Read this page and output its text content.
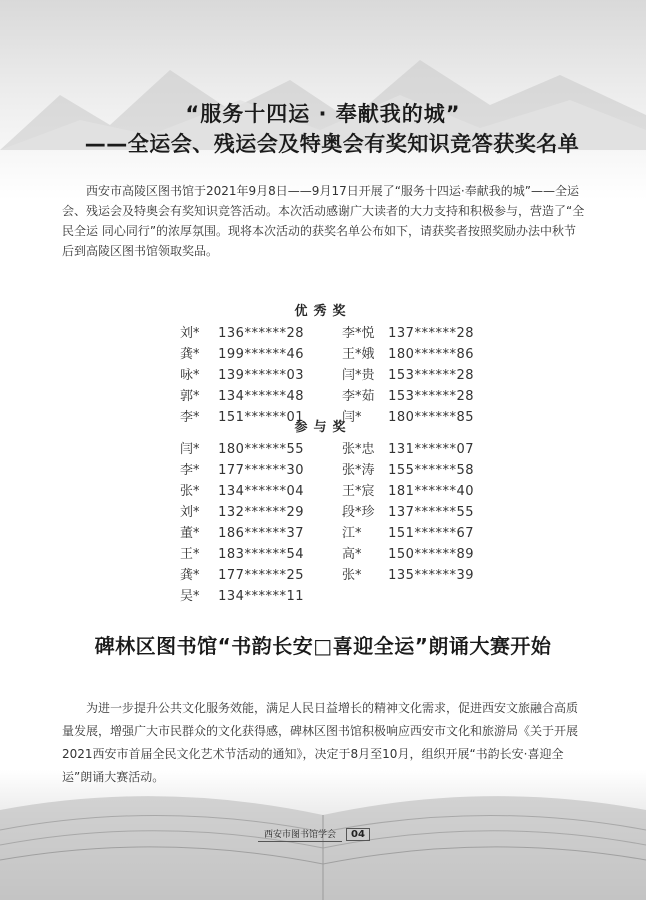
“服务十四运 · 奉献我的城”
——全运会、残运会及特奥会有奖知识竞答获奖名单

西安市高陵区图书馆于2021年9月8日——9月17日开展了“服务十四运·奉献我的城”——全运会、残运会及特奥会有奖知识竞答活动。本次活动感谢广大读者的大力支持和积极参与，营造了“全民全运 同心同行”的浓厚氛围。现将本次活动的获奖名单公布如下，请获奖者按照奖励办法中秋节后到高陵区图书馆领取奖品。

优秀奖
刘* 136******28
龚* 199******46
咏* 139******03
郭* 134******48
李* 151******01
李*悦 137******28
王*娥 180******86
闫*贵 153******28
李*茹 153******28
闫* 180******85
参与奖
闫* 180******55
李* 177******30
张* 134******04
刘* 132******29
董* 186******37
王* 183******54
龚* 177******25
吴* 134******11
张*忠 131******07
张*涛 155******58
王*宸 181******40
段*珍 137******55
江* 151******67
高* 150******89
张* 135******39
碑林区图书馆“书韵长安□喜迎全运”朗诵大赛开始

为进一步提升公共文化服务效能，满足人民日益增长的精神文化需求，促进西安文旅融合高质量发展，增强广大市民群众的文化获得感，碑林区图书馆积极响应西安市文化和旅游局《关于开展2021西安市首届全民文化艺术节活动的通知》，决定于8月至10月，组织开展“书韵长安·喜迎全运”朗诵大赛活动。

西安市图书馆学会	04
